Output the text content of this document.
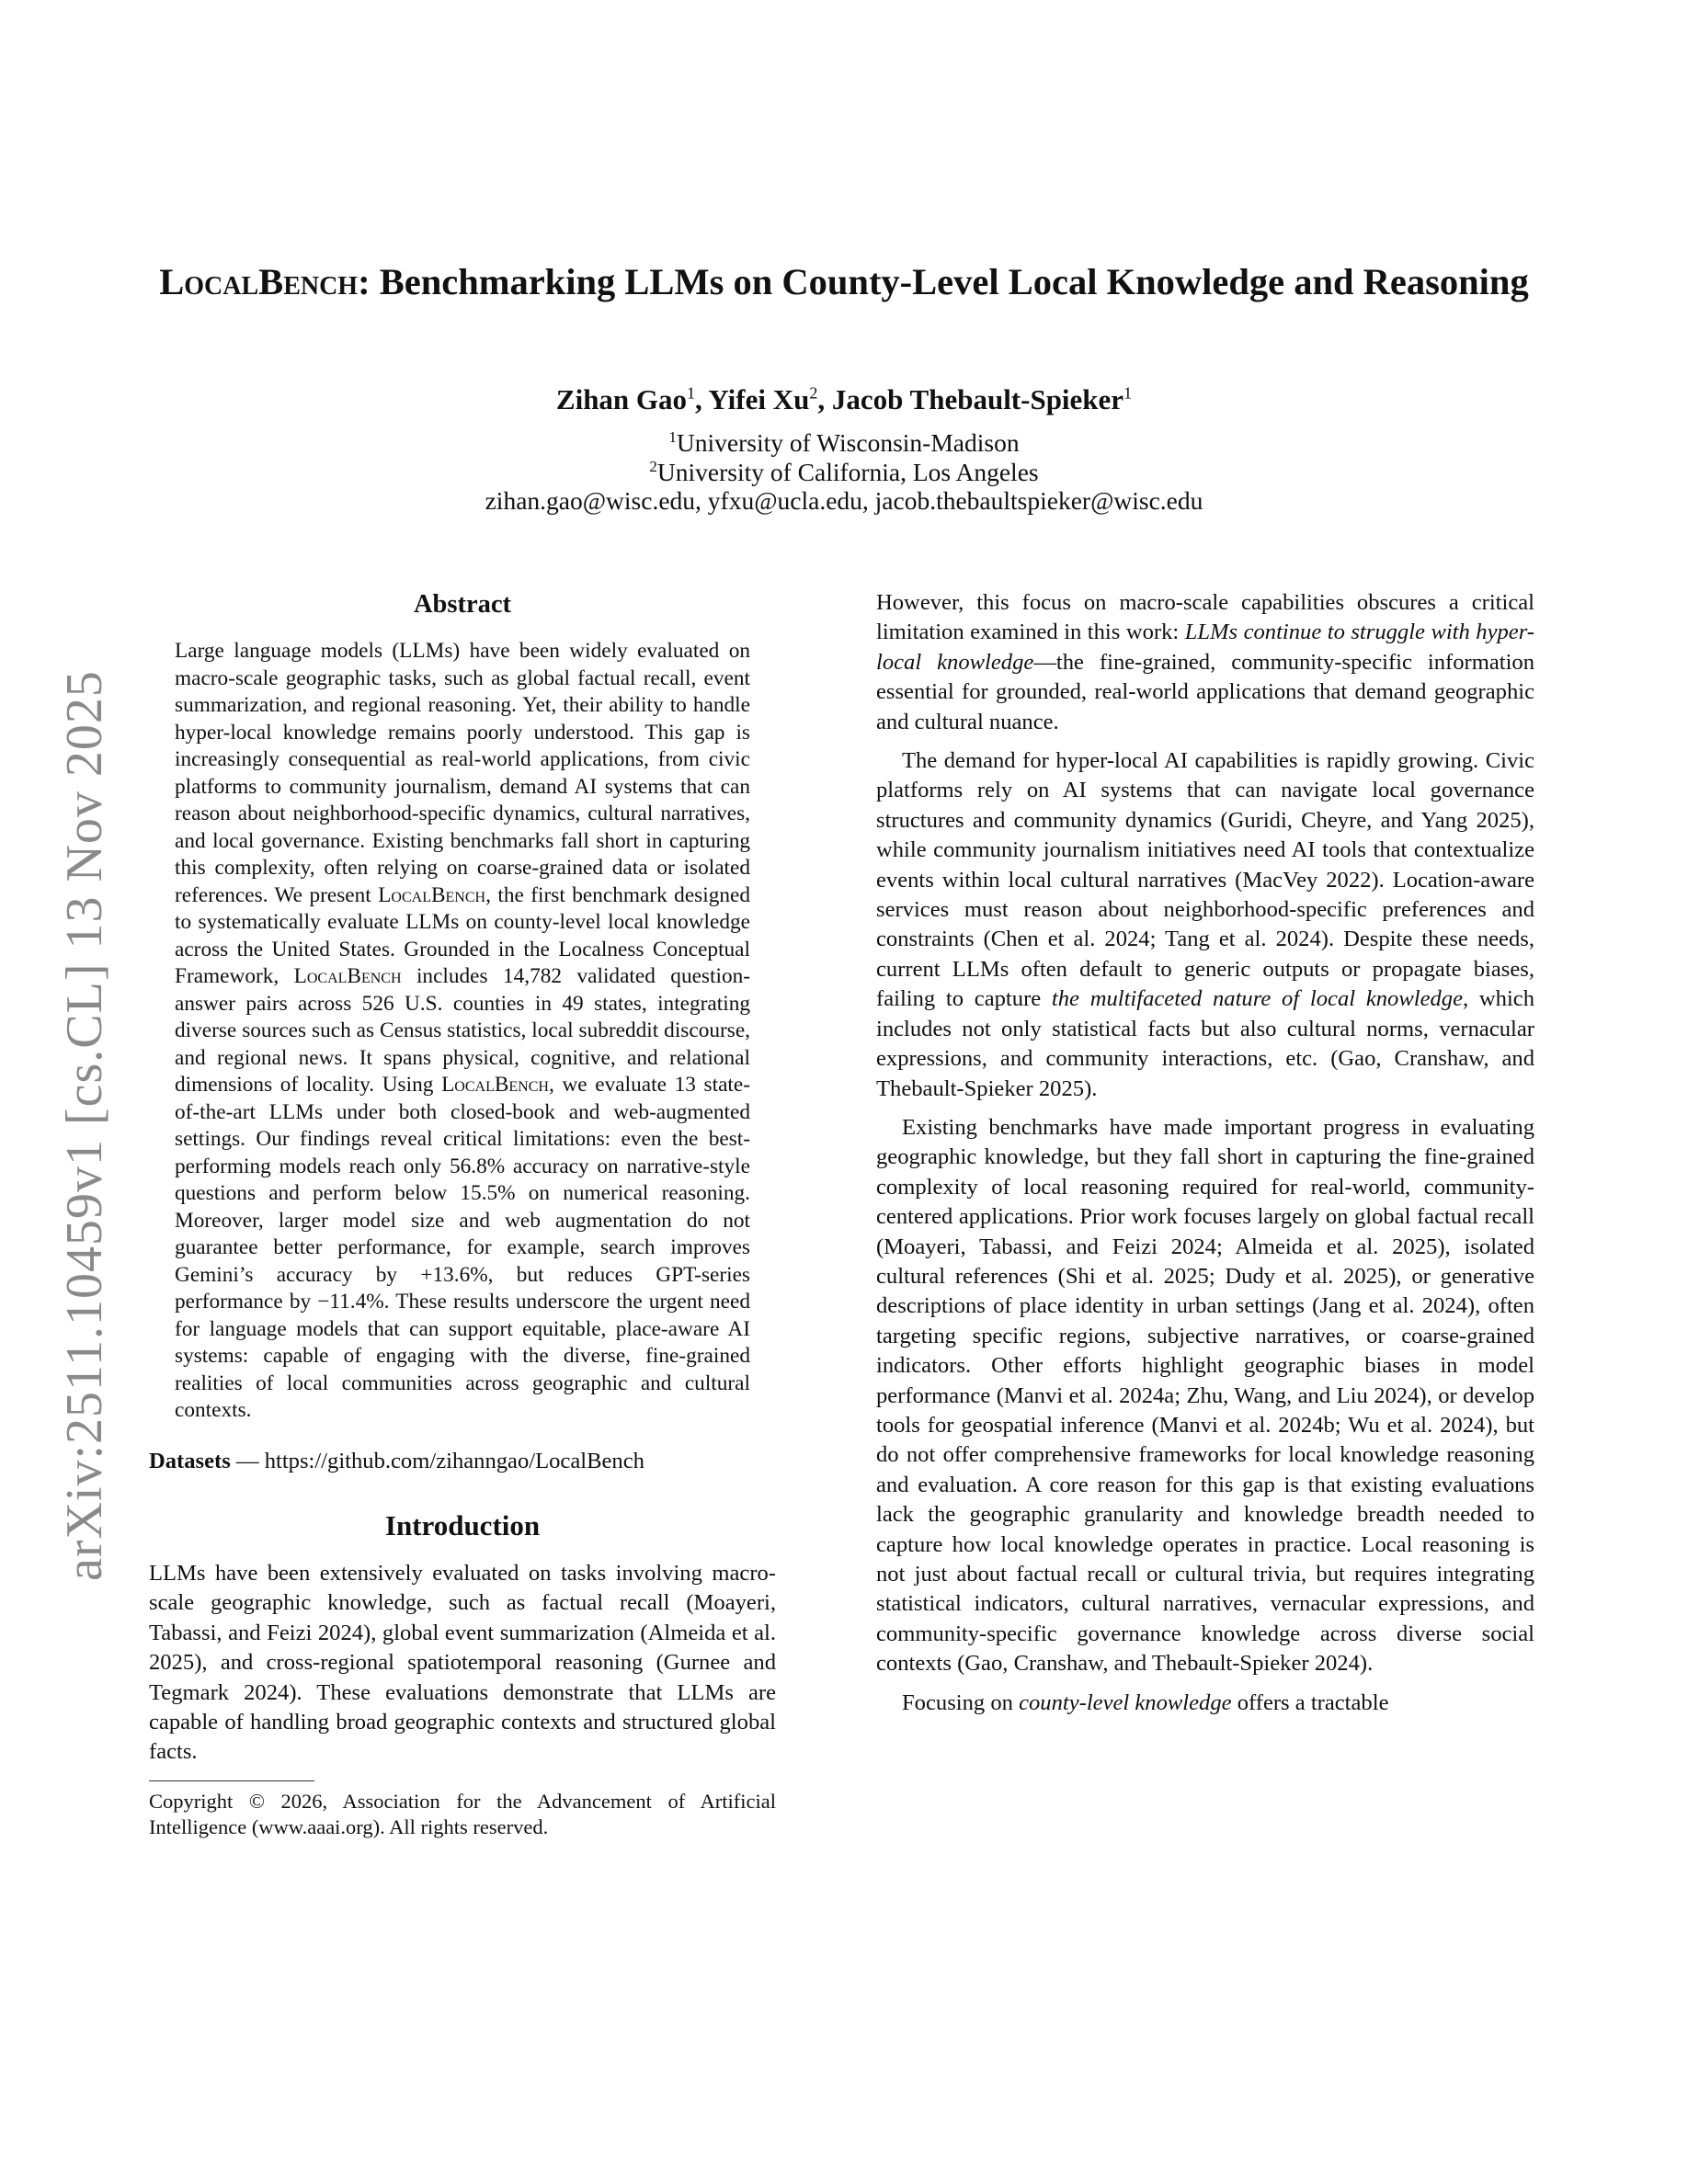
arXiv:2511.10459v1 [cs.CL] 13 Nov 2025
LocalBench: Benchmarking LLMs on County-Level Local Knowledge and Reasoning
Zihan Gao$^1$, Yifei Xu$^2$, Jacob Thebault-Spieker$^1$
$^1$University of Wisconsin-Madison
$^2$University of California, Los Angeles
zihan.gao@wisc.edu, yfxu@ucla.edu, jacob.thebaultspieker@wisc.edu
Abstract

Large language models (LLMs) have been widely evaluated on macro-scale geographic tasks, such as global factual recall, event summarization, and regional reasoning. Yet, their ability to handle hyper-local knowledge remains poorly understood. This gap is increasingly consequential as real-world applications, from civic platforms to community journalism, demand AI systems that can reason about neighborhood-specific dynamics, cultural narratives, and local governance. Existing benchmarks fall short in capturing this complexity, often relying on coarse-grained data or isolated references. We present LocalBench, the first benchmark designed to systematically evaluate LLMs on county-level local knowledge across the United States. Grounded in the Localness Conceptual Framework, LocalBench includes 14,782 validated question-answer pairs across 526 U.S. counties in 49 states, integrating diverse sources such as Census statistics, local subreddit discourse, and regional news. It spans physical, cognitive, and relational dimensions of locality. Using LocalBench, we evaluate 13 state-of-the-art LLMs under both closed-book and web-augmented settings. Our findings reveal critical limitations: even the best-performing models reach only 56.8% accuracy on narrative-style questions and perform below 15.5% on numerical reasoning. Moreover, larger model size and web augmentation do not guarantee better performance, for example, search improves Gemini’s accuracy by +13.6%, but reduces GPT-series performance by −11.4%. These results underscore the urgent need for language models that can support equitable, place-aware AI systems: capable of engaging with the diverse, fine-grained realities of local communities across geographic and cultural contexts.

Datasets — https://github.com/zihanngao/LocalBench

Introduction

LLMs have been extensively evaluated on tasks involving macro-scale geographic knowledge, such as factual recall (Moayeri, Tabassi, and Feizi 2024), global event summarization (Almeida et al. 2025), and cross-regional spatiotemporal reasoning (Gurnee and Tegmark 2024). These evaluations demonstrate that LLMs are capable of handling broad geographic contexts and structured global facts.

Copyright © 2026, Association for the Advancement of Artificial Intelligence (www.aaai.org). All rights reserved.

However, this focus on macro-scale capabilities obscures a critical limitation examined in this work: LLMs continue to struggle with hyper-local knowledge—the fine-grained, community-specific information essential for grounded, real-world applications that demand geographic and cultural nuance.

The demand for hyper-local AI capabilities is rapidly growing. Civic platforms rely on AI systems that can navigate local governance structures and community dynamics (Guridi, Cheyre, and Yang 2025), while community journalism initiatives need AI tools that contextualize events within local cultural narratives (MacVey 2022). Location-aware services must reason about neighborhood-specific preferences and constraints (Chen et al. 2024; Tang et al. 2024). Despite these needs, current LLMs often default to generic outputs or propagate biases, failing to capture the multifaceted nature of local knowledge, which includes not only statistical facts but also cultural norms, vernacular expressions, and community interactions, etc. (Gao, Cranshaw, and Thebault-Spieker 2025).

Existing benchmarks have made important progress in evaluating geographic knowledge, but they fall short in capturing the fine-grained complexity of local reasoning required for real-world, community-centered applications. Prior work focuses largely on global factual recall (Moayeri, Tabassi, and Feizi 2024; Almeida et al. 2025), isolated cultural references (Shi et al. 2025; Dudy et al. 2025), or generative descriptions of place identity in urban settings (Jang et al. 2024), often targeting specific regions, subjective narratives, or coarse-grained indicators. Other efforts highlight geographic biases in model performance (Manvi et al. 2024a; Zhu, Wang, and Liu 2024), or develop tools for geospatial inference (Manvi et al. 2024b; Wu et al. 2024), but do not offer comprehensive frameworks for local knowledge reasoning and evaluation. A core reason for this gap is that existing evaluations lack the geographic granularity and knowledge breadth needed to capture how local knowledge operates in practice. Local reasoning is not just about factual recall or cultural trivia, but requires integrating statistical indicators, cultural narratives, vernacular expressions, and community-specific governance knowledge across diverse social contexts (Gao, Cranshaw, and Thebault-Spieker 2024).

Focusing on county-level knowledge offers a tractable
